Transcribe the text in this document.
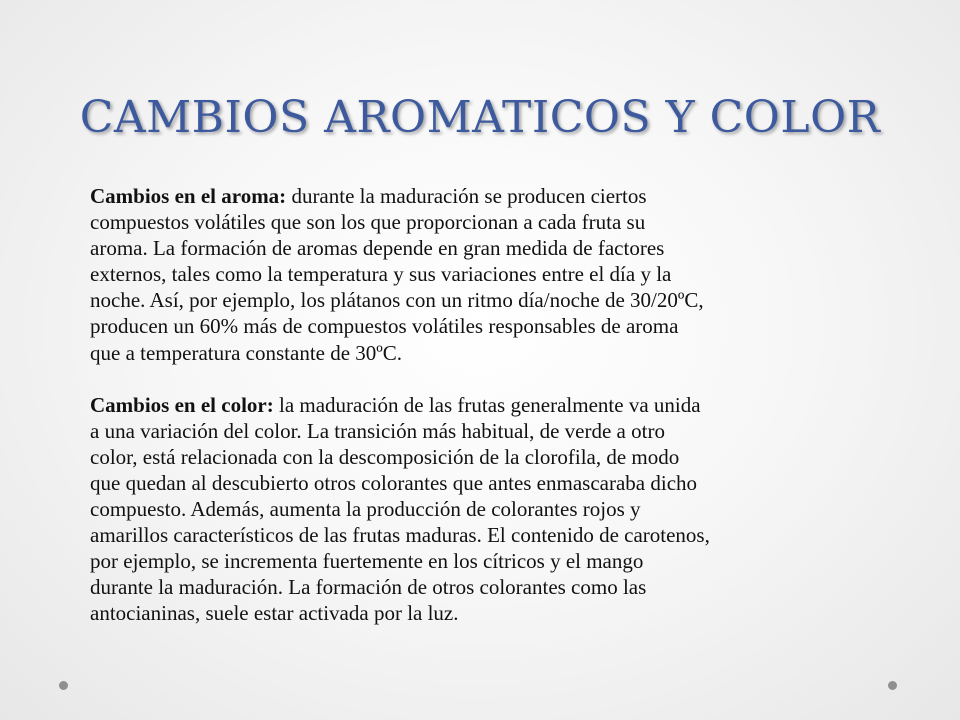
CAMBIOS AROMATICOS Y COLOR

Cambios en el aroma: durante la maduración se producen ciertos
compuestos volátiles que son los que proporcionan a cada fruta su
aroma. La formación de aromas depende en gran medida de factores
externos, tales como la temperatura y sus variaciones entre el día y la
noche. Así, por ejemplo, los plátanos con un ritmo día/noche de 30/20ºC,
producen un 60% más de compuestos volátiles responsables de aroma
que a temperatura constante de 30ºC.

Cambios en el color: la maduración de las frutas generalmente va unida
a una variación del color. La transición más habitual, de verde a otro
color, está relacionada con la descomposición de la clorofila, de modo
que quedan al descubierto otros colorantes que antes enmascaraba dicho
compuesto. Además, aumenta la producción de colorantes rojos y
amarillos característicos de las frutas maduras. El contenido de carotenos,
por ejemplo, se incrementa fuertemente en los cítricos y el mango
durante la maduración. La formación de otros colorantes como las
antocianinas, suele estar activada por la luz.
